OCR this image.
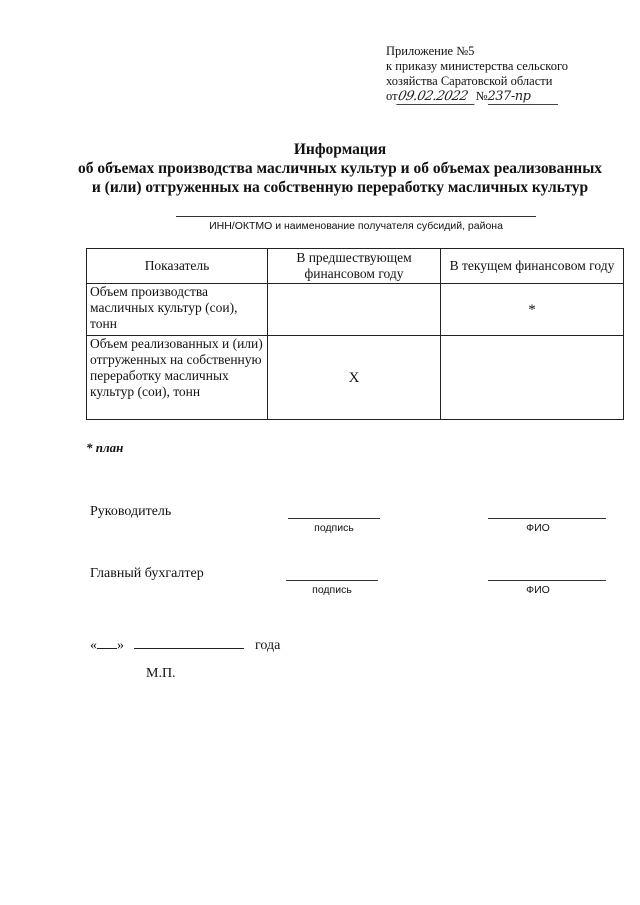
Приложение №5
к приказу министерства сельского
хозяйства Саратовской области
от09.02.2022 №237-пр
Информация
об объемах производства масличных культур и об объемах реализованных
и (или) отгруженных на собственную переработку масличных культур
ИНН/ОКТМО и наименование получателя субсидий, района
Показатель	В предшествующем финансовом году	В текущем финансовом году
Объем производства масличных культур (сои), тонн		*
Объем реализованных и (или) отгруженных на собственную переработку масличных культур (сои), тонн	X	
* план
Руководитель
подпись	ФИО
Главный бухгалтер
подпись	ФИО
« »	года
М.П.
